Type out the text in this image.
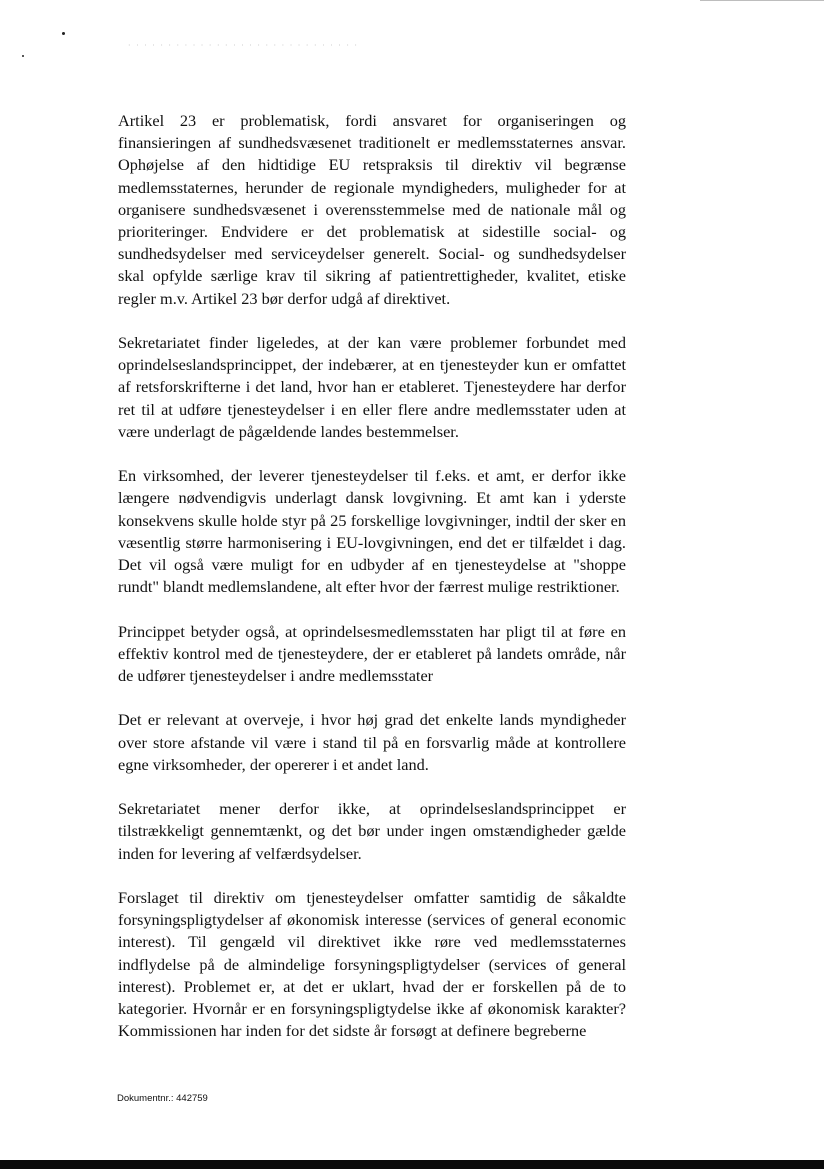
· · · · · · · · · · · · · · · · · · · · · · · · · · · · ·

Artikel 23 er problematisk, fordi ansvaret for organiseringen og finansieringen af sundhedsvæsenet traditionelt er medlemsstaternes ansvar. Ophøjelse af den hidtidige EU retspraksis til direktiv vil begrænse medlemsstaternes, herunder de regionale myndigheders, muligheder for at organisere sundhedsvæsenet i overensstemmelse med de nationale mål og prioriteringer. Endvidere er det problematisk at sidestille social- og sundhedsydelser med serviceydelser generelt. Social- og sundhedsydelser skal opfylde særlige krav til sikring af patientrettigheder, kvalitet, etiske regler m.v. Artikel 23 bør derfor udgå af direktivet.

Sekretariatet finder ligeledes, at der kan være problemer forbundet med oprindelseslandsprincippet, der indebærer, at en tjenesteyder kun er omfattet af retsforskrifterne i det land, hvor han er etableret. Tjenesteydere har derfor ret til at udføre tjenesteydelser i en eller flere andre medlemsstater uden at være underlagt de pågældende landes bestemmelser.

En virksomhed, der leverer tjenesteydelser til f.eks. et amt, er derfor ikke længere nødvendigvis underlagt dansk lovgivning. Et amt kan i yderste konsekvens skulle holde styr på 25 forskellige lovgivninger, indtil der sker en væsentlig større harmonisering i EU-lovgivningen, end det er tilfældet i dag. Det vil også være muligt for en udbyder af en tjenesteydelse at "shoppe rundt" blandt medlemslandene, alt efter hvor der færrest mulige restriktioner.

Princippet betyder også, at oprindelsesmedlemsstaten har pligt til at føre en effektiv kontrol med de tjenesteydere, der er etableret på landets område, når de udfører tjenesteydelser i andre medlemsstater

Det er relevant at overveje, i hvor høj grad det enkelte lands myndigheder over store afstande vil være i stand til på en forsvarlig måde at kontrollere egne virksomheder, der opererer i et andet land.

Sekretariatet mener derfor ikke, at oprindelseslandsprincippet er tilstrækkeligt gennemtænkt, og det bør under ingen omstændigheder gælde inden for levering af velfærdsydelser.

Forslaget til direktiv om tjenesteydelser omfatter samtidig de såkaldte forsyningspligtydelser af økonomisk interesse (services of general economic interest). Til gengæld vil direktivet ikke røre ved medlemsstaternes indflydelse på de almindelige forsyningspligtydelser (services of general interest). Problemet er, at det er uklart, hvad der er forskellen på de to kategorier. Hvornår er en forsyningspligtydelse ikke af økonomisk karakter? Kommissionen har inden for det sidste år forsøgt at definere begreberne

Dokumentnr.: 442759
